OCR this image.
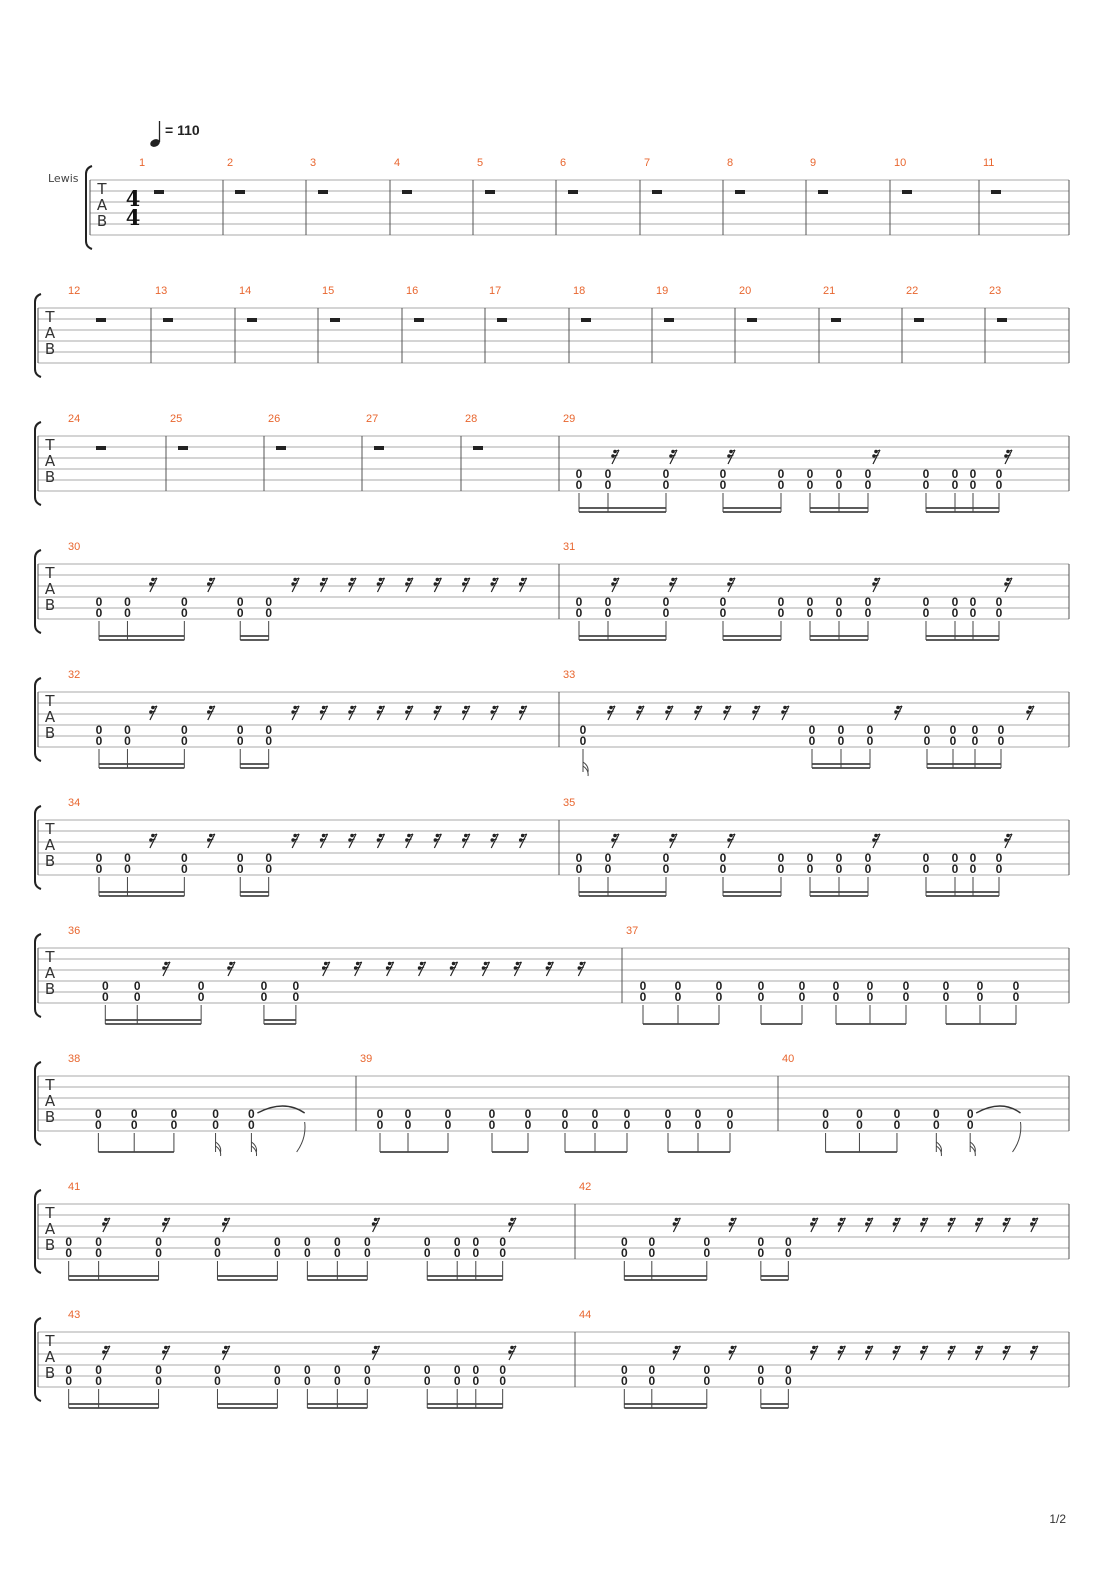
= 110
Lewis
T
A
B
4
4
1	2	3	4	5	6	7	8	9	10	11
T
A
B
12	13	14	15	16	17	18	19	20	21	22	23
T
A
B
24	25	26	27	28	29
0
0
0
0
0
0
0
0
0
0
0
0
0
0
0
0
0
0
0
0
0
0
0
0
T
A
B
30
0
0
0
0
0
0
0
0
0
0
31
0
0
0
0
0
0
0
0
0
0
0
0
0
0
0
0
0
0
0
0
0
0
0
0
T
A
B
32
0
0
0
0
0
0
0
0
0
0
33
0
0
0
0
0
0
0
0
0
0
0
0
0
0
0
0
T
A
B
34
0
0
0
0
0
0
0
0
0
0
35
0
0
0
0
0
0
0
0
0
0
0
0
0
0
0
0
0
0
0
0
0
0
0
0
T
A
B
36
0
0
0
0
0
0
0
0
0
0
37
0
0
0
0
0
0
0
0
0
0
0
0
0
0
0
0
0
0
0
0
0
0
T
A
B
38
0
0
0
0
0
0
0
0
0
0
39
0
0
0
0
0
0
0
0
0
0
0
0
0
0
0
0
0
0
0
0
0
0
40
0
0
0
0
0
0
0
0
0
0
T
A
B
41
0
0
0
0
0
0
0
0
0
0
0
0
0
0
0
0
0
0
0
0
0
0
0
0
42
0
0
0
0
0
0
0
0
0
0
T
A
B
43
0
0
0
0
0
0
0
0
0
0
0
0
0
0
0
0
0
0
0
0
0
0
0
0
44
0
0
0
0
0
0
0
0
0
0
1/2
